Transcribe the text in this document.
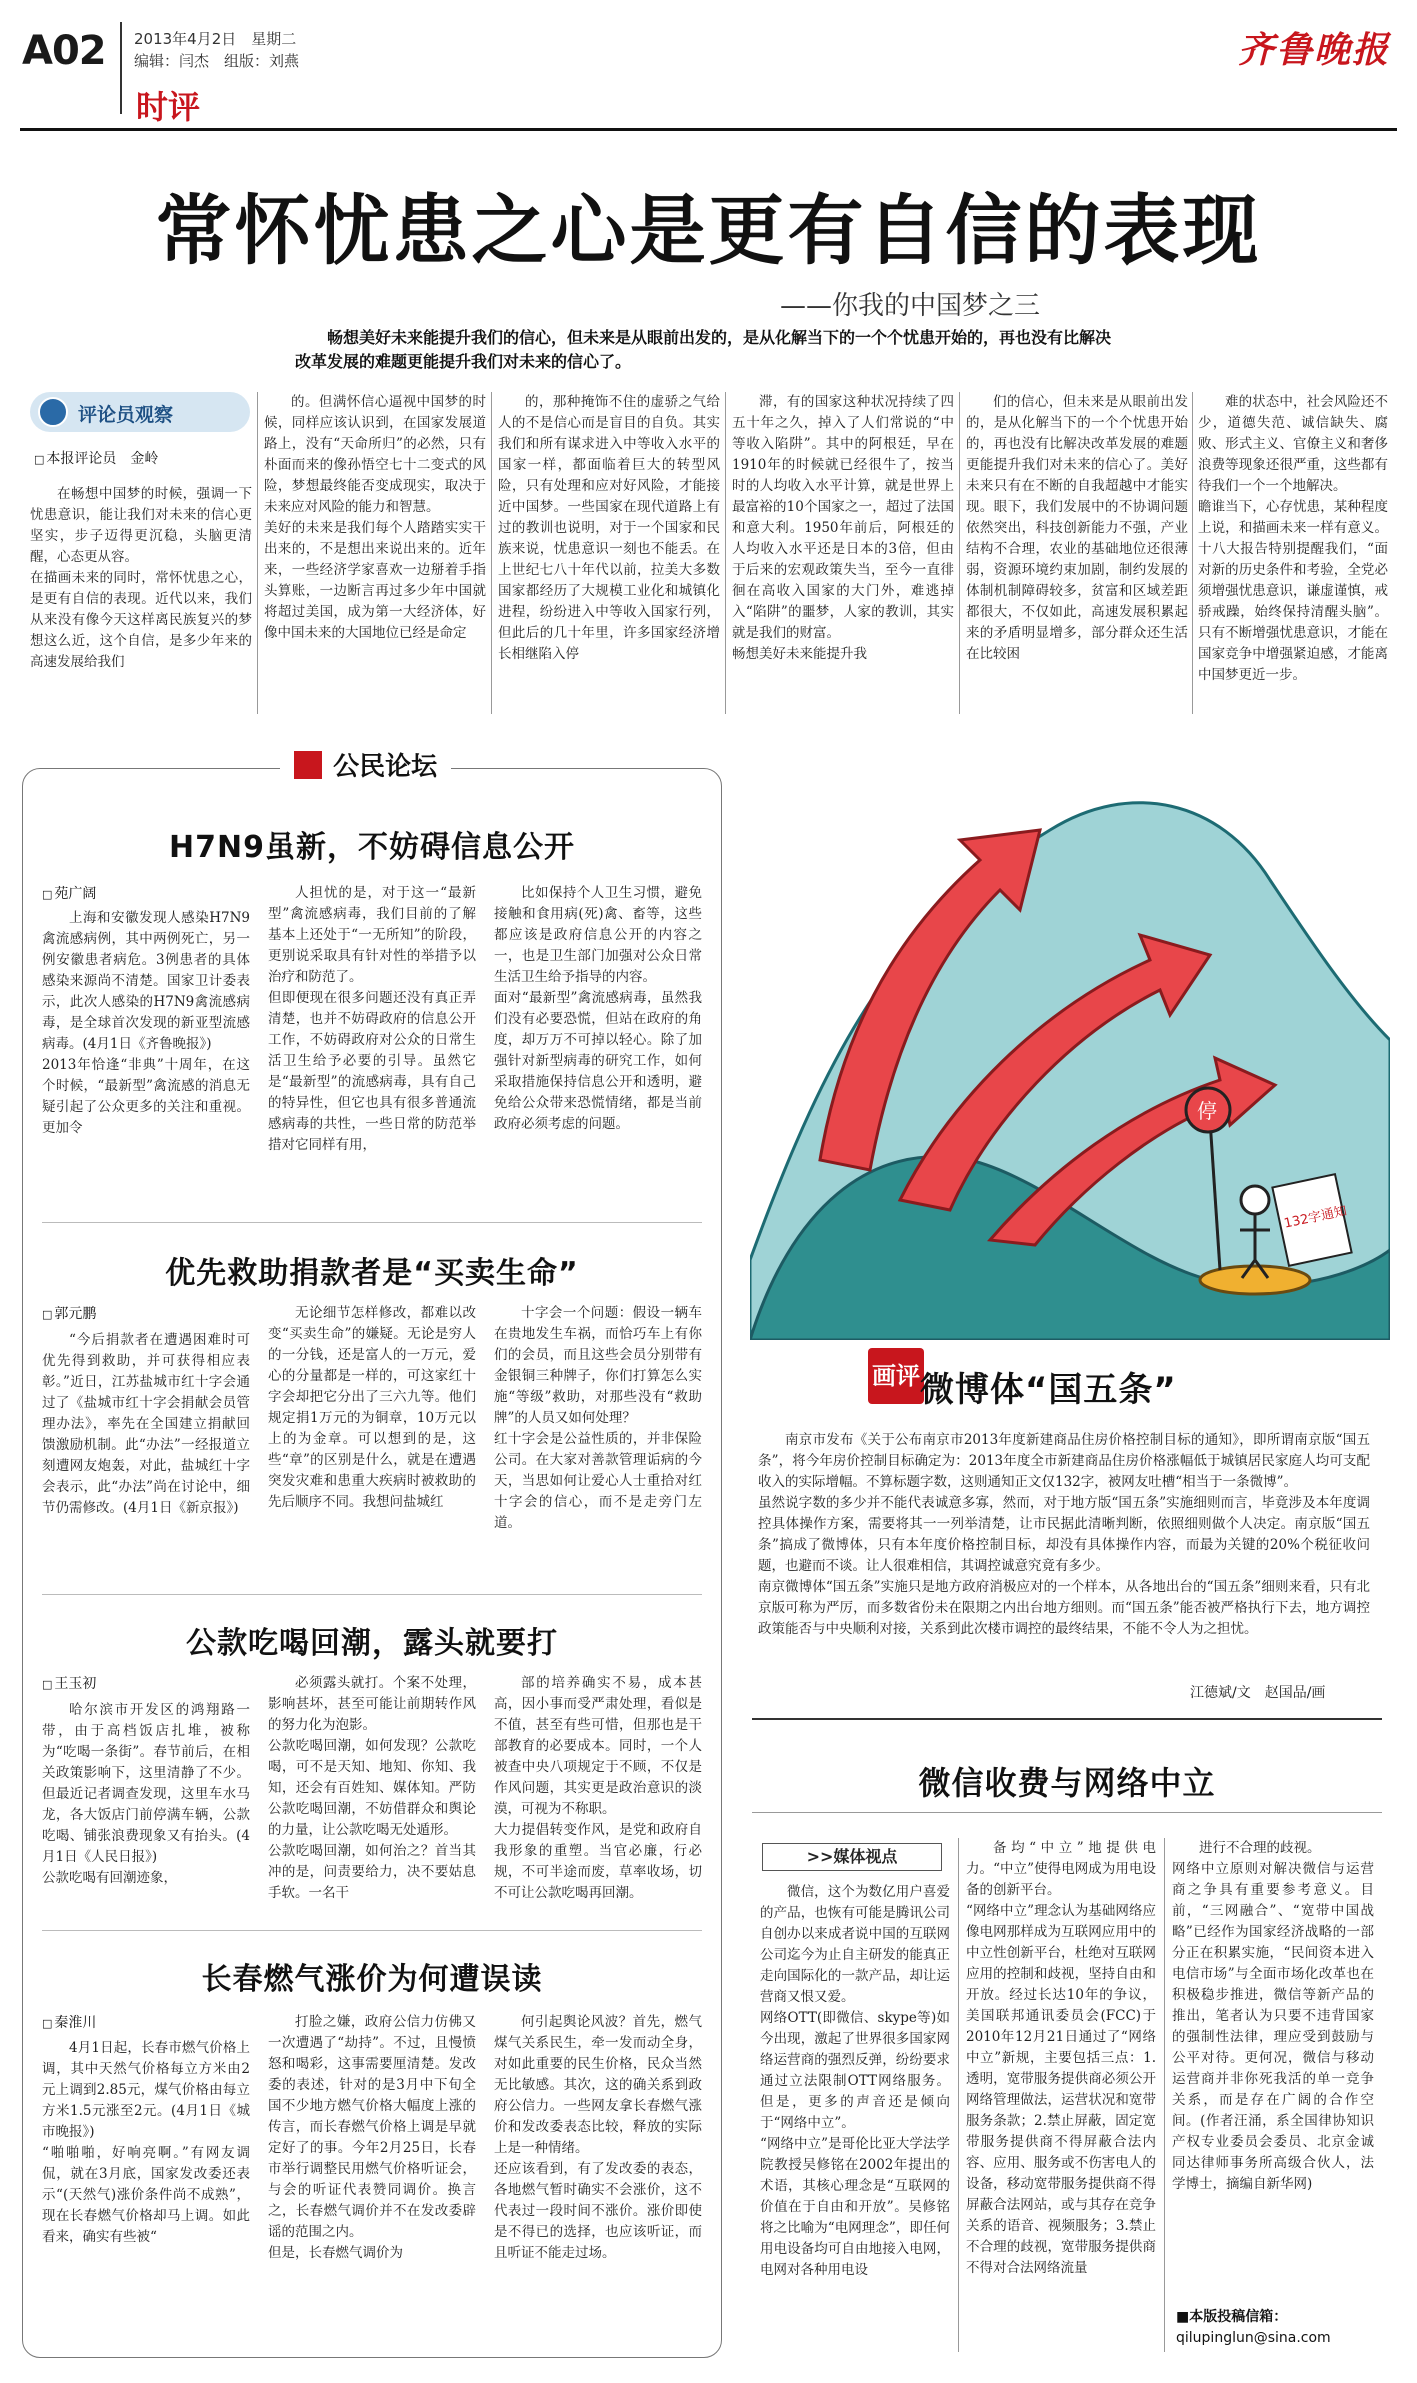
A02 2013年4月2日　星期二
编辑：闫杰　组版：刘燕
时评
齐鲁晚报
常怀忧患之心是更有自信的表现
——你我的中国梦之三
畅想美好未来能提升我们的信心，但未来是从眼前出发的，是从化解当下的一个个忧患开始的，再也没有比解决改革发展的难题更能提升我们对未来的信心了。
评论员观察
□ 本报评论员　金岭
在畅想中国梦的时候，强调一下忧患意识，能让我们对未来的信心更坚实，步子迈得更沉稳，头脑更清醒，心态更从容。
在描画未来的同时，常怀忧患之心，是更有自信的表现。近代以来，我们从来没有像今天这样离民族复兴的梦想这么近，这个自信，是多少年来的高速发展给我们
的。但满怀信心逼视中国梦的时候，同样应该认识到，在国家发展道路上，没有“天命所归”的必然，只有朴面而来的像孙悟空七十二变式的风险，梦想最终能否变成现实，取决于未来应对风险的能力和智慧。
美好的未来是我们每个人踏踏实实干出来的，不是想出来说出来的。近年来，一些经济学家喜欢一边掰着手指头算账，一边断言再过多少年中国就将超过美国，成为第一大经济体，好像中国未来的大国地位已经是命定
的，那种掩饰不住的虚骄之气给人的不是信心而是盲目的自负。其实我们和所有谋求进入中等收入水平的国家一样，都面临着巨大的转型风险，只有处理和应对好风险，才能接近中国梦。一些国家在现代道路上有过的教训也说明，对于一个国家和民族来说，忧患意识一刻也不能丢。在上世纪七八十年代以前，拉美大多数国家都经历了大规模工业化和城镇化进程，纷纷进入中等收入国家行列，但此后的几十年里，许多国家经济增长相继陷入停
滞，有的国家这种状况持续了四五十年之久，掉入了人们常说的“中等收入陷阱”。其中的阿根廷，早在1910年的时候就已经很牛了，按当时的人均收入水平计算，就是世界上最富裕的10个国家之一，超过了法国和意大利。1950年前后，阿根廷的人均收入水平还是日本的3倍，但由于后来的宏观政策失当，至今一直徘徊在高收入国家的大门外，难逃掉入“陷阱”的噩梦，人家的教训，其实就是我们的财富。
畅想美好未来能提升我
们的信心，但未来是从眼前出发的，是从化解当下的一个个忧患开始的，再也没有比解决改革发展的难题更能提升我们对未来的信心了。美好未来只有在不断的自我超越中才能实现。眼下，我们发展中的不协调问题依然突出，科技创新能力不强，产业结构不合理，农业的基础地位还很薄弱，资源环境约束加剧，制约发展的体制机制障碍较多，贫富和区域差距都很大，不仅如此，高速发展积累起来的矛盾明显增多，部分群众还生活在比较困
难的状态中，社会风险还不少，道德失范、诚信缺失、腐败、形式主义、官僚主义和奢侈浪费等现象还很严重，这些都有待我们一个一个地解决。
瞻谁当下，心存忧患，某种程度上说，和描画未来一样有意义。十八大报告特别提醒我们，“面对新的历史条件和考验，全党必须增强忧患意识，谦虚谨慎，戒骄戒躁，始终保持清醒头脑”。只有不断增强忧患意识，才能在国家竞争中增强紧迫感，才能离中国梦更近一步。
公民论坛
H7N9虽新，不妨碍信息公开
□ 苑广阔
上海和安徽发现人感染H7N9禽流感病例，其中两例死亡，另一例安徽患者病危。3例患者的具体感染来源尚不清楚。国家卫计委表示，此次人感染的H7N9禽流感病毒，是全球首次发现的新亚型流感病毒。(4月1日《齐鲁晚报》)
2013年恰逢“非典”十周年，在这个时候，“最新型”禽流感的消息无疑引起了公众更多的关注和重视。更加令
人担忧的是，对于这一“最新型”禽流感病毒，我们目前的了解基本上还处于“一无所知”的阶段，更别说采取具有针对性的举措予以治疗和防范了。
但即便现在很多问题还没有真正弄清楚，也并不妨碍政府的信息公开工作，不妨碍政府对公众的日常生活卫生给予必要的引导。虽然它是“最新型”的流感病毒，具有自己的特异性，但它也具有很多普通流感病毒的共性，一些日常的防范举措对它同样有用，
比如保持个人卫生习惯，避免接触和食用病(死)禽、畜等，这些都应该是政府信息公开的内容之一，也是卫生部门加强对公众日常生活卫生给予指导的内容。
面对“最新型”禽流感病毒，虽然我们没有必要恐慌，但站在政府的角度，却万万不可掉以轻心。除了加强针对新型病毒的研究工作，如何采取措施保持信息公开和透明，避免给公众带来恐慌情绪，都是当前政府必须考虑的问题。
优先救助捐款者是“买卖生命”
□ 郭元鹏
“今后捐款者在遭遇困难时可优先得到救助，并可获得相应表彰。”近日，江苏盐城市红十字会通过了《盐城市红十字会捐献会员管理办法》，率先在全国建立捐献回馈激励机制。此“办法”一经报道立刻遭网友炮轰，对此，盐城红十字会表示，此“办法”尚在讨论中，细节仍需修改。(4月1日《新京报》)
无论细节怎样修改，都难以改变“买卖生命”的嫌疑。无论是穷人的一分钱，还是富人的一万元，爱心的分量都是一样的，可这家红十字会却把它分出了三六九等。他们规定捐1万元的为铜章，10万元以上的为金章。可以想到的是，这些“章”的区别是什么，就是在遭遇突发灾难和患重大疾病时被救助的先后顺序不同。我想问盐城红
十字会一个问题：假设一辆车在贵地发生车祸，而恰巧车上有你们的会员，而且这些会员分别带有金银铜三种牌子，你们打算怎么实施“等级”救助，对那些没有“救助牌”的人员又如何处理？
红十字会是公益性质的，并非保险公司。在大家对善款管理诟病的今天，当思如何让爱心人士重拾对红十字会的信心，而不是走旁门左道。
公款吃喝回潮，露头就要打
□ 王玉初
哈尔滨市开发区的鸿翔路一带，由于高档饭店扎堆，被称为“吃喝一条街”。春节前后，在相关政策影响下，这里清静了不少。但最近记者调查发现，这里车水马龙，各大饭店门前停满车辆，公款吃喝、铺张浪费现象又有抬头。(4月1日《人民日报》)
公款吃喝有回潮迹象，
必须露头就打。个案不处理，影响甚坏，甚至可能让前期转作风的努力化为泡影。
公款吃喝回潮，如何发现？公款吃喝，可不是天知、地知、你知、我知，还会有百姓知、媒体知。严防公款吃喝回潮，不妨借群众和舆论的力量，让公款吃喝无处遁形。
公款吃喝回潮，如何治之？首当其冲的是，问责要给力，决不要姑息手软。一名干
部的培养确实不易，成本甚高，因小事而受严肃处理，看似是不值，甚至有些可惜，但那也是干部教育的必要成本。同时，一个人被查中央八项规定于不顾，不仅是作风问题，其实更是政治意识的淡漠，可视为不称职。
大力提倡转变作风，是党和政府自我形象的重塑。当官必廉，行必规，不可半途而废，草率收场，切不可让公款吃喝再回潮。
长春燃气涨价为何遭误读
□ 秦淮川
4月1日起，长春市燃气价格上调，其中天然气价格每立方米由2元上调到2.85元，煤气价格由每立方米1.5元涨至2元。(4月1日《城市晚报》)
“啪啪啪，好响亮啊。”有网友调侃，就在3月底，国家发改委还表示“(天然气)涨价条件尚不成熟”，现在长春燃气价格却马上调。如此看来，确实有些被“
打脸之嫌，政府公信力仿佛又一次遭遇了“劫持”。不过，且慢愤怒和喝彩，这事需要厘清楚。发改委的表述，针对的是3月中下旬全国不少地方燃气价格大幅度上涨的传言，而长春燃气价格上调是早就定好了的事。今年2月25日，长春市举行调整民用燃气价格听证会，与会的听证代表赞同调价。换言之，长春燃气调价并不在发改委辟谣的范围之内。
但是，长春燃气调价为
何引起舆论风波？首先，燃气煤气关系民生，牵一发而动全身，对如此重要的民生价格，民众当然无比敏感。其次，这的确关系到政府公信力。一些网友拿长春燃气涨价和发改委表态比较，释放的实际上是一种情绪。
还应该看到，有了发改委的表态，各地燃气暂时确实不会涨价，这不代表过一段时间不涨价。涨价即使是不得已的选择，也应该听证，而且听证不能走过场。
132字通知
停
画评 微博体“国五条”
南京市发布《关于公布南京市2013年度新建商品住房价格控制目标的通知》，即所谓南京版“国五条”，将今年房价控制目标确定为：2013年度全市新建商品住房价格涨幅低于城镇居民家庭人均可支配收入的实际增幅。不算标题字数，这则通知正文仅132字，被网友吐槽“相当于一条微博”。
虽然说字数的多少并不能代表诚意多寡，然而，对于地方版“国五条”实施细则而言，毕竟涉及本年度调控具体操作方案，需要将其一一列举清楚，让市民据此清晰判断，依照细则做个人决定。南京版“国五条”搞成了微博体，只有本年度价格控制目标，却没有具体操作内容，而最为关键的20%个税征收问题，也避而不谈。让人很难相信，其调控诚意究竟有多少。
南京微博体“国五条”实施只是地方政府消极应对的一个样本，从各地出台的“国五条”细则来看，只有北京版可称为严厉，而多数省份未在限期之内出台地方细则。而“国五条”能否被严格执行下去，地方调控政策能否与中央顺利对接，关系到此次楼市调控的最终结果，不能不令人为之担忧。
江德斌/文　赵国品/画
微信收费与网络中立
>>媒体视点
微信，这个为数亿用户喜爱的产品，也恢有可能是腾讯公司自创办以来成者说中国的互联网公司迄今为止自主研发的能真正走向国际化的一款产品，却让运营商又恨又爱。
网络OTT(即微信、skype等)如今出现，激起了世界很多国家网络运营商的强烈反弹，纷纷要求通过立法限制OTT网络服务。但是，更多的声音还是倾向于“网络中立”。
“网络中立”是哥伦比亚大学法学院教授吴修铭在2002年提出的术语，其核心理念是“互联网的价值在于自由和开放”。吴修铭将之比喻为“电网理念”，即任何用电设备均可自由地接入电网，电网对各种用电设
备均“中立”地提供电力。“中立”使得电网成为用电设备的创新平台。
“网络中立”理念认为基础网络应像电网那样成为互联网应用中的中立性创新平台，杜绝对互联网应用的控制和歧视，坚持自由和开放。经过长达10年的争议，美国联邦通讯委员会(FCC)于2010年12月21日通过了“网络中立”新规，主要包括三点：1.透明，宽带服务提供商必须公开网络管理做法，运营状况和宽带服务条款；2.禁止屏蔽，固定宽带服务提供商不得屏蔽合法内容、应用、服务或不伤害电人的设备，移动宽带服务提供商不得屏蔽合法网站，或与其存在竞争关系的语音、视频服务；3.禁止不合理的歧视，宽带服务提供商不得对合法网络流量
进行不合理的歧视。
网络中立原则对解决微信与运营商之争具有重要参考意义。目前，“三网融合”、“宽带中国战略”已经作为国家经济战略的一部分正在积累实施，“民间资本进入电信市场”与全面市场化改革也在积极稳步推进，微信等新产品的推出，笔者认为只要不违背国家的强制性法律，理应受到鼓励与公平对待。更何况，微信与移动运营商并非你死我活的单一竞争关系，而是存在广阔的合作空间。(作者汪涌，系全国律协知识产权专业委员会委员、北京金诚同达律师事务所高级合伙人，法学博士，摘编自新华网)
■本版投稿信箱：
qilupinglun@sina.com
